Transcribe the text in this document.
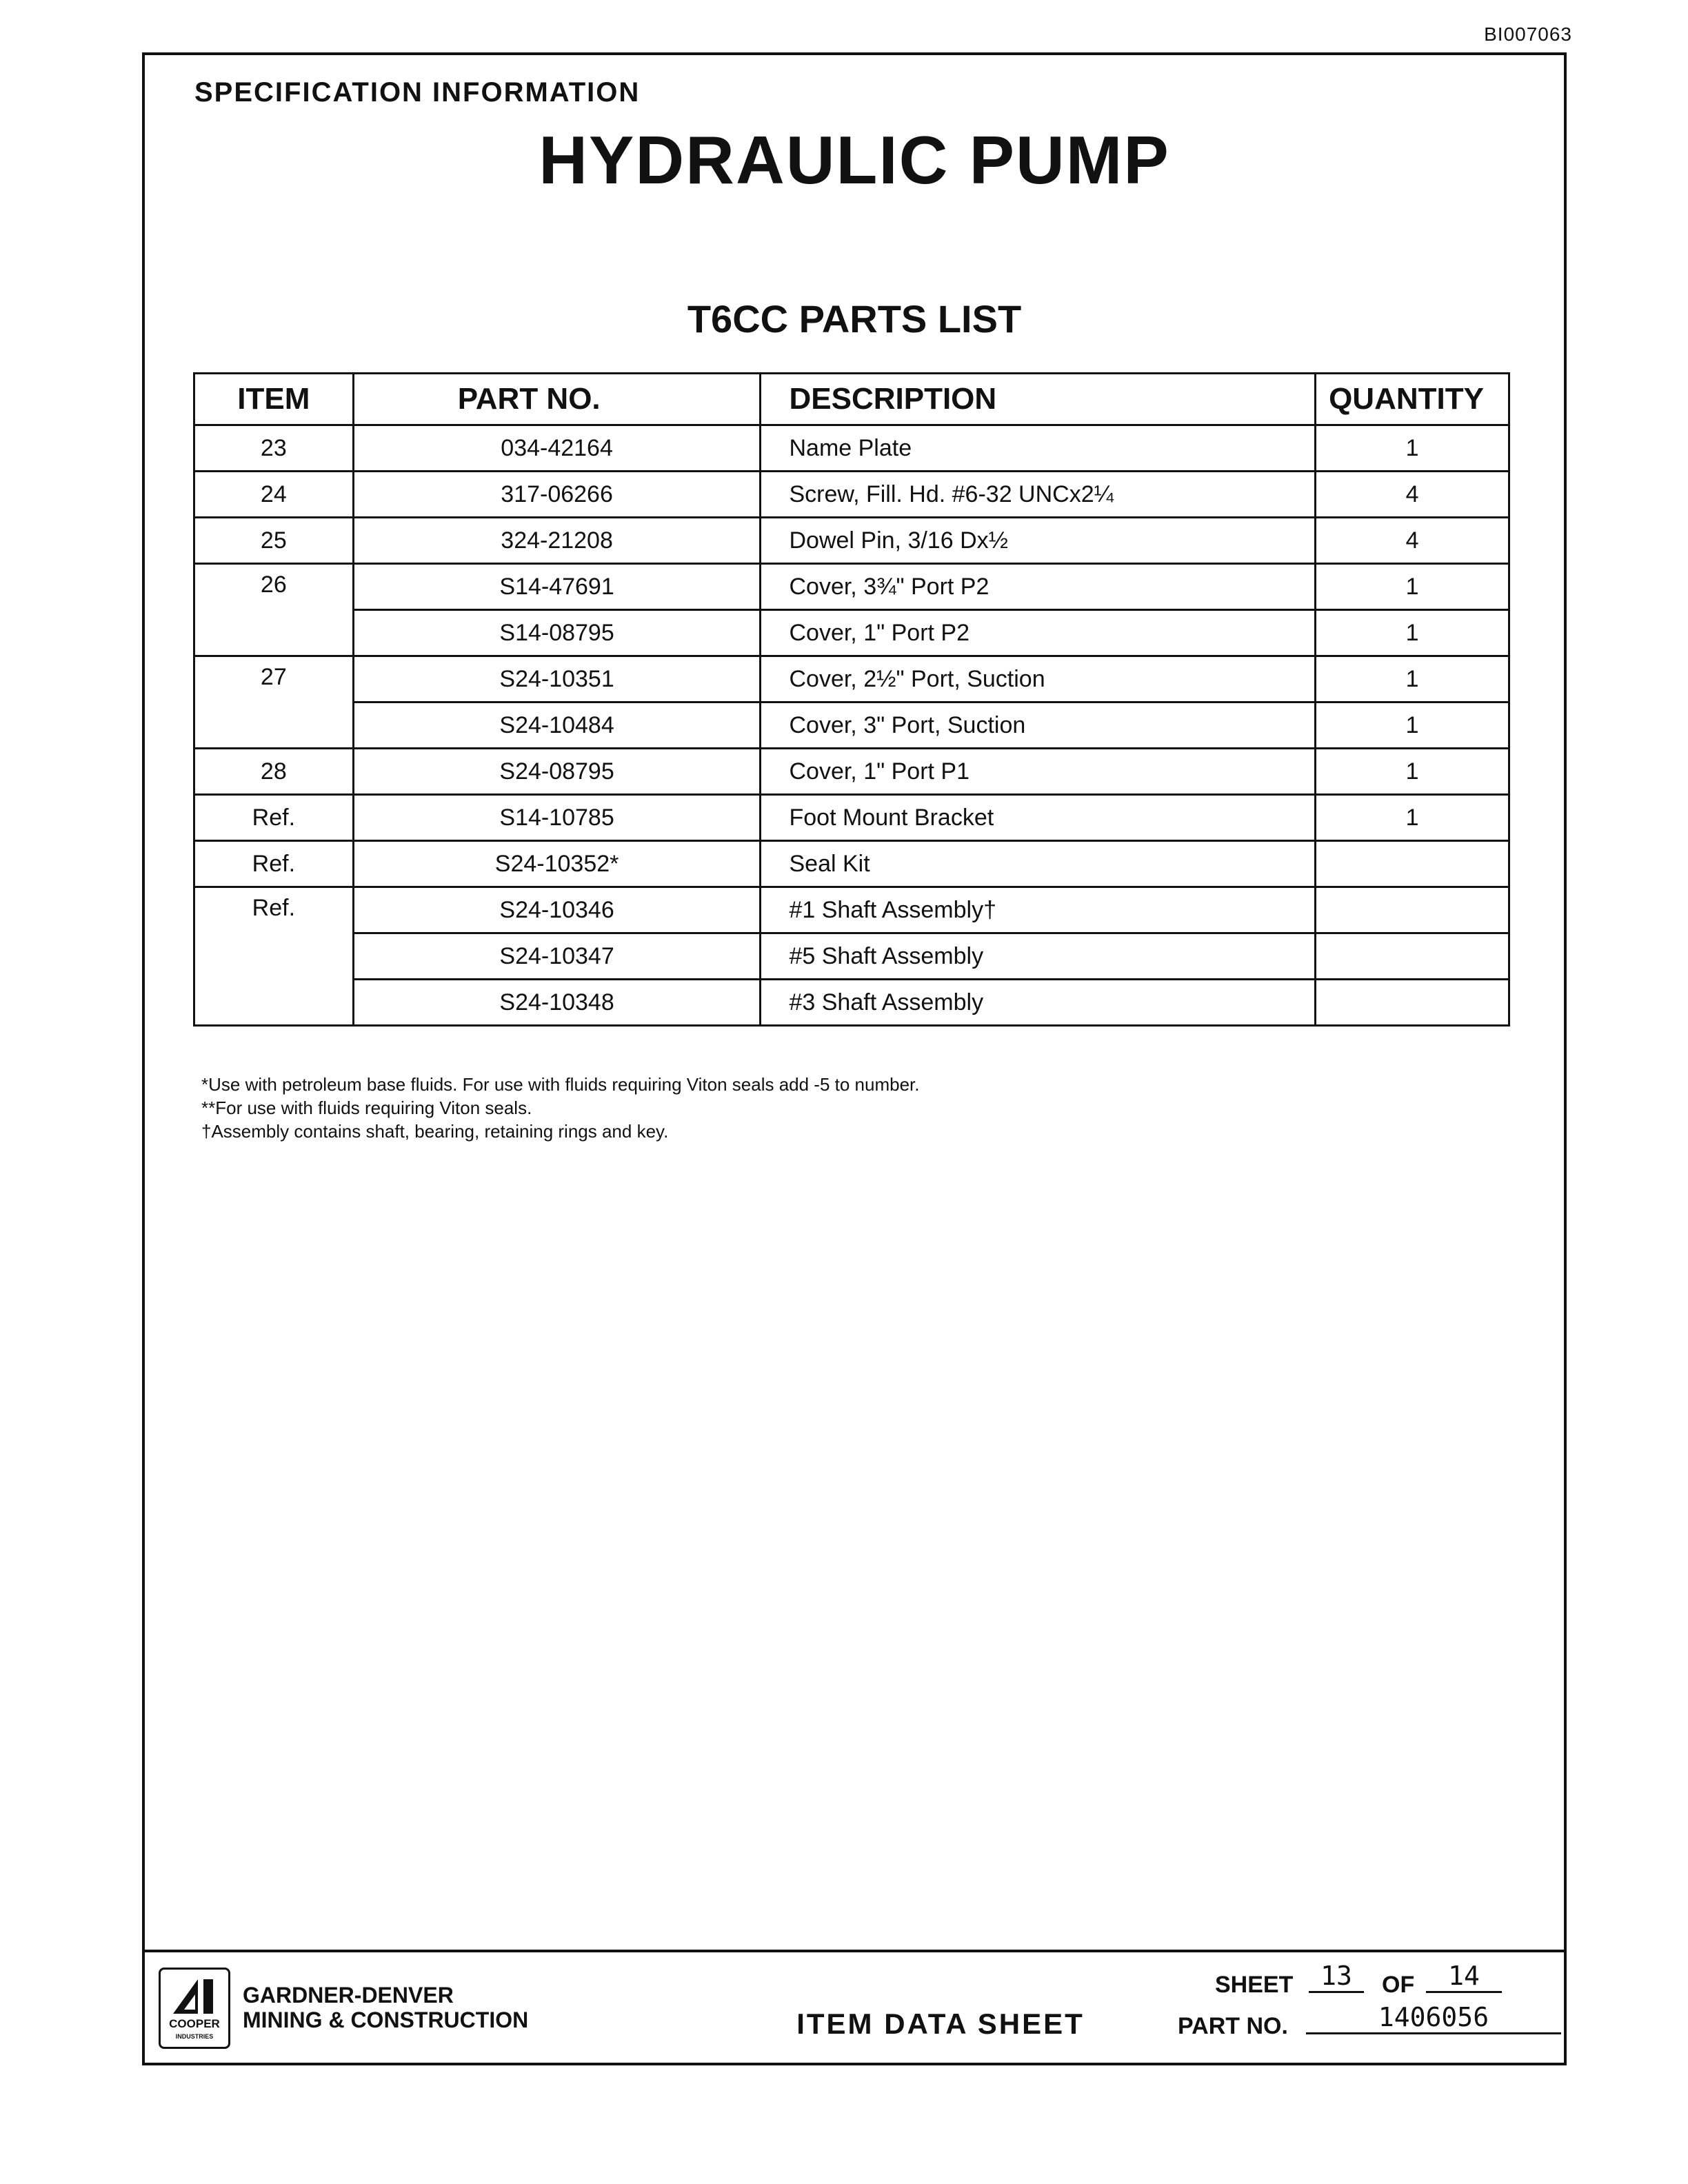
BI007063
SPECIFICATION INFORMATION
HYDRAULIC PUMP
T6CC PARTS LIST
ITEM	PART NO.	DESCRIPTION	QUANTITY
23	034-42164	Name Plate	1
24	317-06266	Screw, Fill. Hd. #6-32 UNCx2¼	4
25	324-21208	Dowel Pin, 3/16 Dx½	4
26	S14-47691	Cover, 3¾" Port P2	1
	S14-08795	Cover, 1" Port P2	1
27	S24-10351	Cover, 2½" Port, Suction	1
	S24-10484	Cover, 3" Port, Suction	1
28	S24-08795	Cover, 1" Port P1	1
Ref.	S14-10785	Foot Mount Bracket	1
Ref.	S24-10352*	Seal Kit	
Ref.	S24-10346	#1 Shaft Assembly†	
	S24-10347	#5 Shaft Assembly	
	S24-10348	#3 Shaft Assembly	
*Use with petroleum base fluids. For use with fluids requiring Viton seals add -5 to number.
**For use with fluids requiring Viton seals.
†Assembly contains shaft, bearing, retaining rings and key.
COOPER
INDUSTRIES
GARDNER-DENVER
MINING & CONSTRUCTION	ITEM DATA SHEET
SHEET	13	OF	14
PART NO.	1406056
